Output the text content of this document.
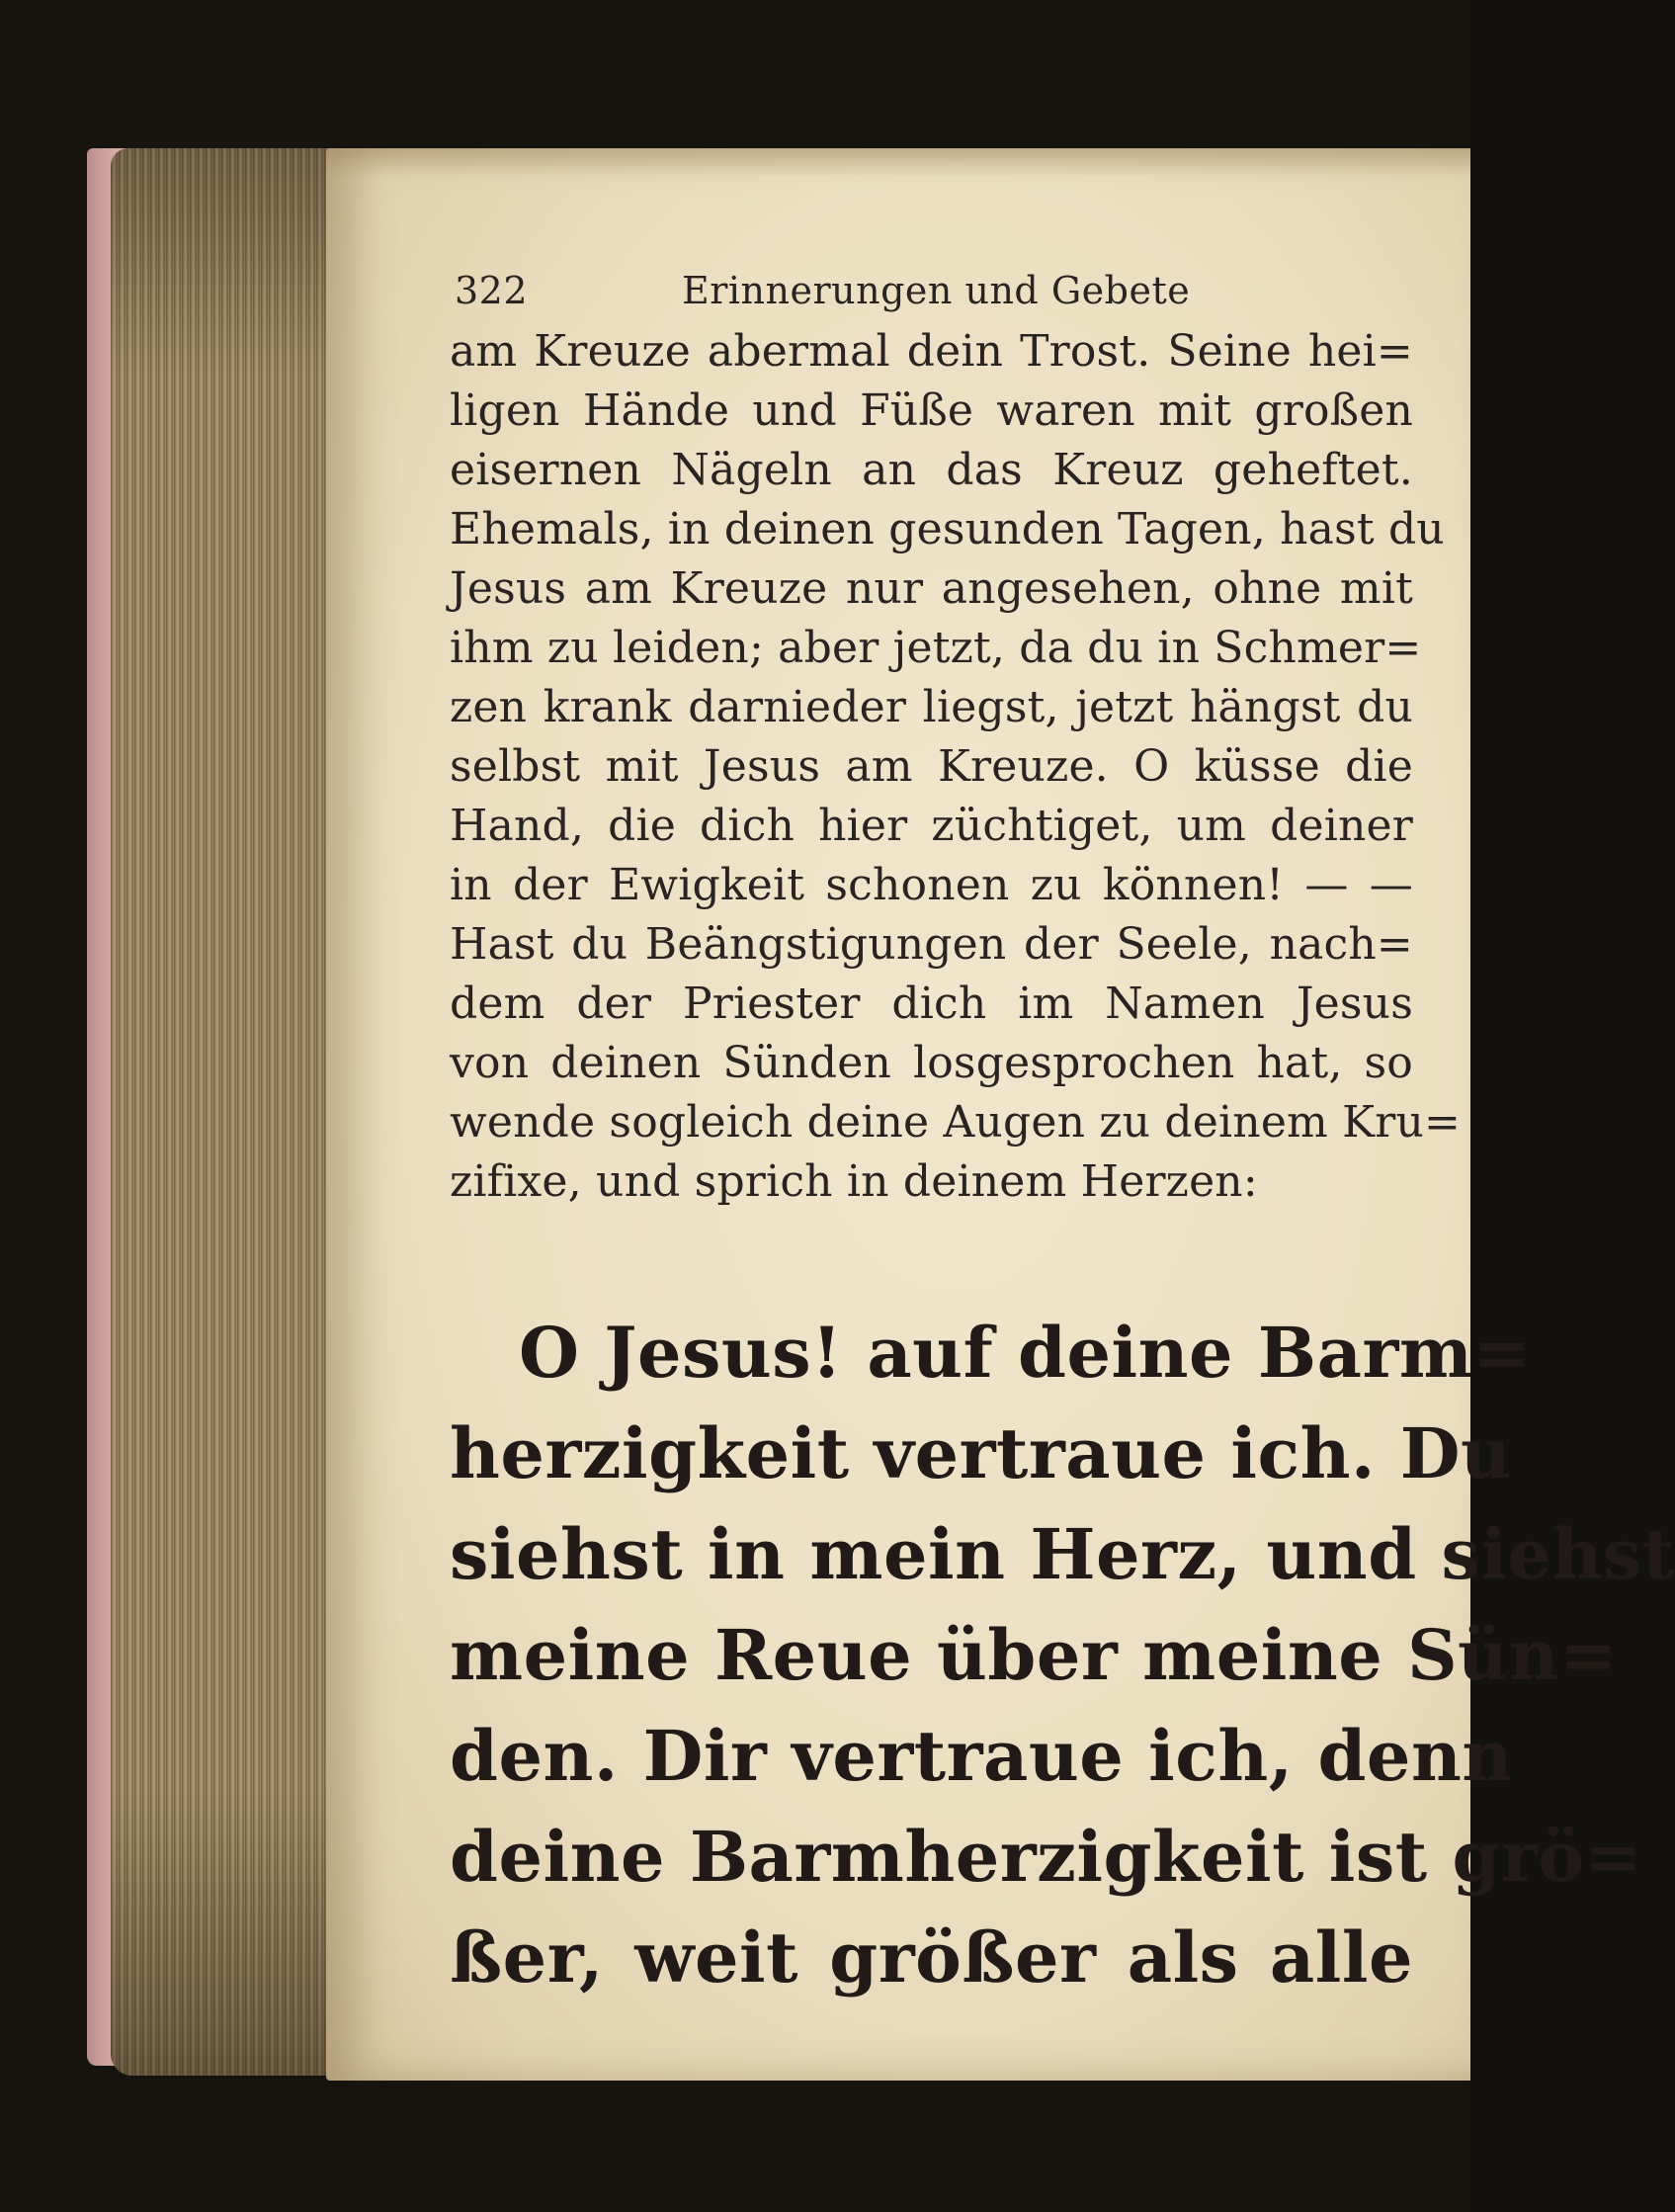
322	Erinnerungen und Gebete
am Kreuze abermal dein Trost. Seine hei=
ligen Hände und Füße waren mit großen
eisernen Nägeln an das Kreuz geheftet.
Ehemals, in deinen gesunden Tagen, hast du
Jesus am Kreuze nur angesehen, ohne mit
ihm zu leiden; aber jetzt, da du in Schmer=
zen krank darnieder liegst, jetzt hängst du
selbst mit Jesus am Kreuze. O küsse die
Hand, die dich hier züchtiget, um deiner
in der Ewigkeit schonen zu können! — —
Hast du Beängstigungen der Seele, nach=
dem der Priester dich im Namen Jesus
von deinen Sünden losgesprochen hat, so
wende sogleich deine Augen zu deinem Kru=
zifixe, und sprich in deinem Herzen:
O Jesus! auf deine Barm=
herzigkeit vertraue ich. Du
siehst in mein Herz, und siehst
meine Reue über meine Sün=
den. Dir vertraue ich, denn
deine Barmherzigkeit ist grö=
ßer, weit größer als alle
